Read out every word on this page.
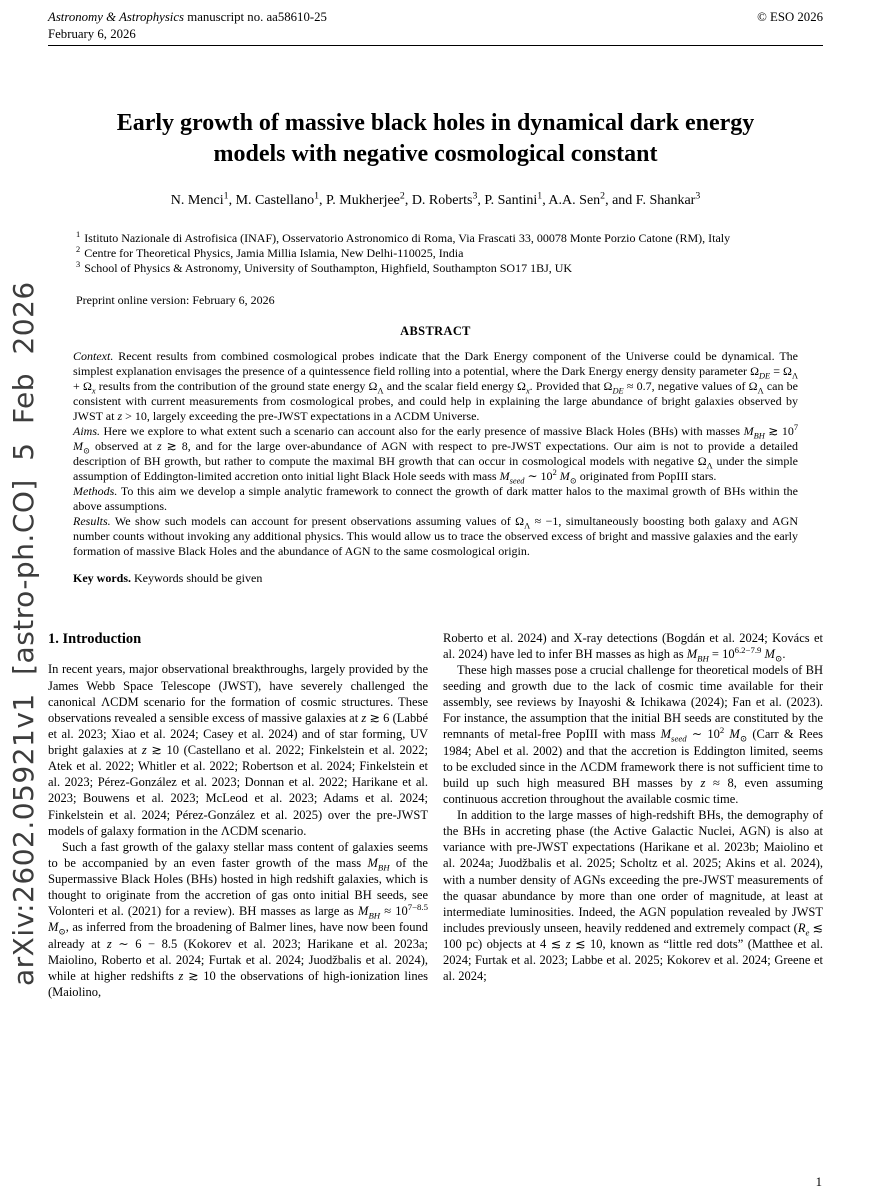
arXiv:2602.05921v1 [astro-ph.CO] 5 Feb 2026
Astronomy & Astrophysics manuscript no. aa58610-25
February 6, 2026
© ESO 2026
Early growth of massive black holes in dynamical dark energy
models with negative cosmological constant
N. Menci$^1$, M. Castellano$^1$, P. Mukherjee$^2$, D. Roberts$^3$, P. Santini$^1$, A.A. Sen$^2$, and F. Shankar$^3$
$^1$ Istituto Nazionale di Astrofisica (INAF), Osservatorio Astronomico di Roma, Via Frascati 33, 00078 Monte Porzio Catone (RM), Italy
$^2$ Centre for Theoretical Physics, Jamia Millia Islamia, New Delhi-110025, India
$^3$ School of Physics & Astronomy, University of Southampton, Highfield, Southampton SO17 1BJ, UK
Preprint online version: February 6, 2026
ABSTRACT
Context. Recent results from combined cosmological probes indicate that the Dark Energy component of the Universe could be dynamical. The simplest explanation envisages the presence of a quintessence field rolling into a potential, where the Dark Energy energy density parameter $\Omega_{DE} = \Omega_\Lambda + \Omega_x$ results from the contribution of the ground state energy $\Omega_\Lambda$ and the scalar field energy $\Omega_x$. Provided that $\Omega_{DE} \approx 0.7$, negative values of $\Omega_\Lambda$ can be consistent with current measurements from cosmological probes, and could help in explaining the large abundance of bright galaxies observed by JWST at z > 10, largely exceeding the pre-JWST expectations in a ΛCDM Universe.
Aims. Here we explore to what extent such a scenario can account also for the early presence of massive Black Holes (BHs) with masses $M_{BH}$ ≳ $10^7$ $M_⊙$ observed at z ≳ 8, and for the large over-abundance of AGN with respect to pre-JWST expectations. Our aim is not to provide a detailed description of BH growth, but rather to compute the maximal BH growth that can occur in cosmological models with negative $\Omega_\Lambda$ under the simple assumption of Eddington-limited accretion onto initial light Black Hole seeds with mass $M_{seed}$ ∼ $10^2$ $M_⊙$ originated from PopIII stars.
Methods. To this aim we develop a simple analytic framework to connect the growth of dark matter halos to the maximal growth of BHs within the above assumptions.
Results. We show such models can account for present observations assuming values of $\Omega_\Lambda \approx -1$, simultaneously boosting both galaxy and AGN number counts without invoking any additional physics. This would allow us to trace the observed excess of bright and massive galaxies and the early formation of massive Black Holes and the abundance of AGN to the same cosmological origin.
Key words. Keywords should be given
1. Introduction

In recent years, major observational breakthroughs, largely provided by the James Webb Space Telescope (JWST), have severely challenged the canonical ΛCDM scenario for the formation of cosmic structures. These observations revealed a sensible excess of massive galaxies at z ≳ 6 (Labbé et al. 2023; Xiao et al. 2024; Casey et al. 2024) and of star forming, UV bright galaxies at z ≳ 10 (Castellano et al. 2022; Finkelstein et al. 2022; Atek et al. 2022; Whitler et al. 2022; Robertson et al. 2024; Finkelstein et al. 2023; Pérez-González et al. 2023; Donnan et al. 2022; Harikane et al. 2023; Bouwens et al. 2023; McLeod et al. 2023; Adams et al. 2024; Finkelstein et al. 2024; Pérez-González et al. 2025) over the pre-JWST models of galaxy formation in the ΛCDM scenario.

Such a fast growth of the galaxy stellar mass content of galaxies seems to be accompanied by an even faster growth of the mass $M_{BH}$ of the Supermassive Black Holes (BHs) hosted in high redshift galaxies, which is thought to originate from the accretion of gas onto initial BH seeds, see Volonteri et al. (2021) for a review). BH masses as large as $M_{BH} \approx 10^{7-8.5}$ $M_⊙$, as inferred from the broadening of Balmer lines, have now been found already at z ∼ 6 − 8.5 (Kokorev et al. 2023; Harikane et al. 2023a; Maiolino, Roberto et al. 2024; Furtak et al. 2024; Juodžbalis et al. 2024), while at higher redshifts z ≳ 10 the observations of high-ionization lines (Maiolino,

Roberto et al. 2024) and X-ray detections (Bogdán et al. 2024; Kovács et al. 2024) have led to infer BH masses as high as $M_{BH} = 10^{6.2-7.9}$ $M_⊙$.

These high masses pose a crucial challenge for theoretical models of BH seeding and growth due to the lack of cosmic time available for their assembly, see reviews by Inayoshi & Ichikawa (2024); Fan et al. (2023). For instance, the assumption that the initial BH seeds are constituted by the remnants of metal-free PopIII with mass $M_{seed}$ ∼ $10^2$ $M_⊙$ (Carr & Rees 1984; Abel et al. 2002) and that the accretion is Eddington limited, seems to be excluded since in the ΛCDM framework there is not sufficient time to build up such high measured BH masses by z ≈ 8, even assuming continuous accretion throughout the available cosmic time.

In addition to the large masses of high-redshift BHs, the demography of the BHs in accreting phase (the Active Galactic Nuclei, AGN) is also at variance with pre-JWST expectations (Harikane et al. 2023b; Maiolino et al. 2024a; Juodžbalis et al. 2025; Scholtz et al. 2025; Akins et al. 2024), with a number density of AGNs exceeding the pre-JWST measurements of the quasar abundance by more than one order of magnitude, at least at intermediate luminosities. Indeed, the AGN population revealed by JWST includes previously unseen, heavily reddened and extremely compact ($R_e$ ≲ 100 pc) objects at 4 ≲ z ≲ 10, known as “little red dots” (Matthee et al. 2024; Furtak et al. 2023; Labbe et al. 2025; Kokorev et al. 2024; Greene et al. 2024;

1
